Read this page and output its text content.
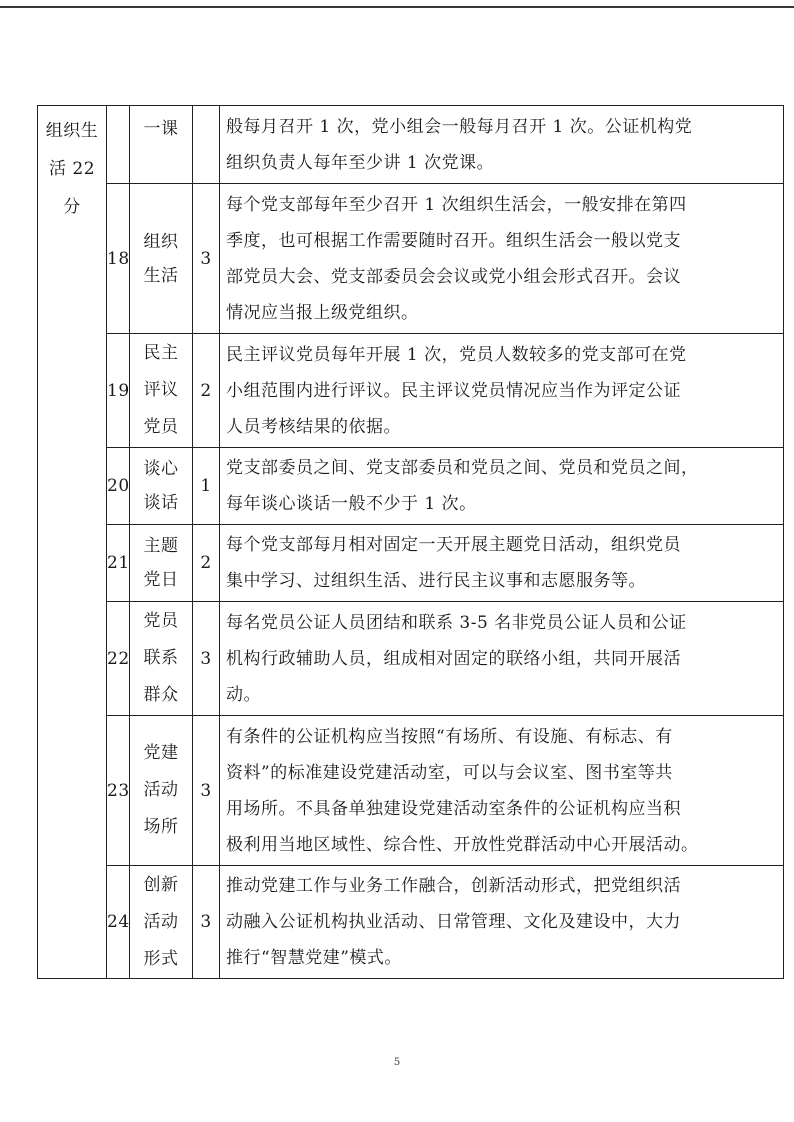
组织生
活 22
分		一课		般每月召开 1 次，党小组会一般每月召开 1 次。公证机构党
组织负责人每年至少讲 1 次党课。

	18	组织
生活	3	每个党支部每年至少召开 1 次组织生活会，一般安排在第四
季度，也可根据工作需要随时召开。组织生活会一般以党支
部党员大会、党支部委员会会议或党小组会形式召开。会议
情况应当报上级党组织。

	19	民主
评议
党员	2	民主评议党员每年开展 1 次，党员人数较多的党支部可在党
小组范围内进行评议。民主评议党员情况应当作为评定公证
人员考核结果的依据。

	20	谈心
谈话	1	党支部委员之间、党支部委员和党员之间、党员和党员之间，
每年谈心谈话一般不少于 1 次。

	21	主题
党日	2	每个党支部每月相对固定一天开展主题党日活动，组织党员
集中学习、过组织生活、进行民主议事和志愿服务等。

	22	党员
联系
群众	3	每名党员公证人员团结和联系 3-5 名非党员公证人员和公证
机构行政辅助人员，组成相对固定的联络小组，共同开展活
动。

	23	党建
活动
场所	3	有条件的公证机构应当按照“有场所、有设施、有标志、有
资料”的标准建设党建活动室，可以与会议室、图书室等共
用场所。不具备单独建设党建活动室条件的公证机构应当积
极利用当地区域性、综合性、开放性党群活动中心开展活动。

	24	创新
活动
形式	3	推动党建工作与业务工作融合，创新活动形式，把党组织活
动融入公证机构执业活动、日常管理、文化及建设中，大力
推行“智慧党建”模式。
5
